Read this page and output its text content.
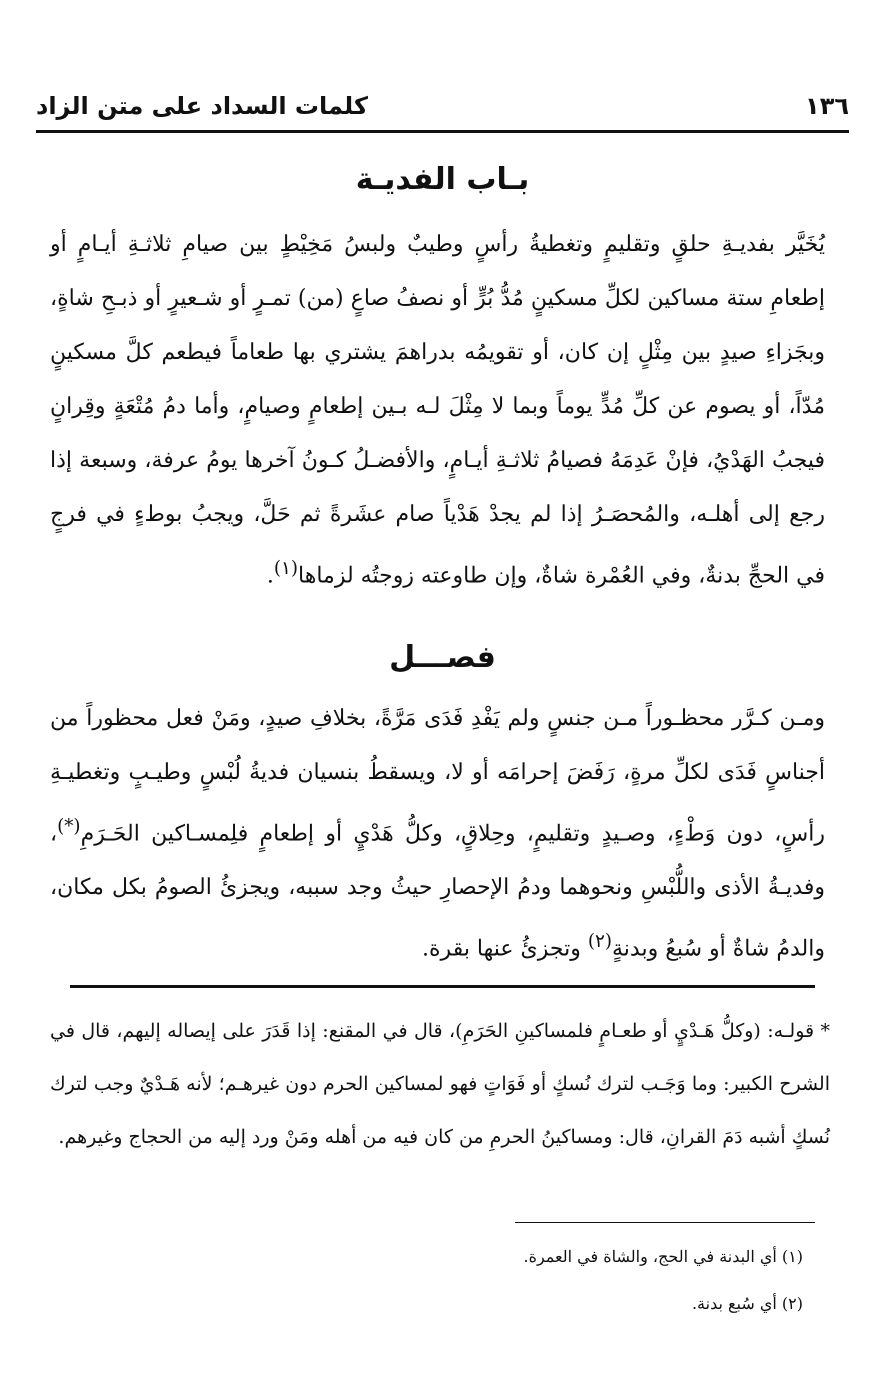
١٣٦
كلمات السداد على متن الزاد
بـاب الفديـة
يُخَيَّر بفديـةِ حلقٍ وتقليمٍ وتغطيةُ رأسٍ وطيبٌ ولبسُ مَخِيْطٍ بين صيامِ ثلاثـةِ أيـامٍ أو إطعامِ ستة مساكين لكلِّ مسكينٍ مُدُّ بُرٍّ أو نصفُ صاعٍ (من) تمـرٍ أو شـعيرٍ أو ذبـحِ شاةٍ، وبجَزاءِ صيدٍ بين مِثْلٍ إن كان، أو تقويمُه بدراهمَ يشتري بها طعاماً فيطعم كلَّ مسكينٍ مُدّاً، أو يصوم عن كلِّ مُدٍّ يوماً وبما لا مِثْلَ لـه بـين إطعامٍ وصيامٍ، وأما دمُ مُتْعَةٍ وقِرانٍ فيجبُ الهَدْيُ، فإنْ عَدِمَهُ فصيامُ ثلاثـةِ أيـامٍ، والأفضـلُ كـونُ آخرها يومُ عرفة، وسبعة إذا رجع إلى أهلـه، والمُحصَـرُ إذا لم يجدْ هَدْياً صام عشَرةً ثم حَلَّ، ويجبُ بوطءٍ في فرجٍ في الحجِّ بدنةٌ، وفي العُمْرة شاةٌ، وإن طاوعته زوجتُه لزماها$^{(١)}$.
فصـــل
ومـن كـرَّر محظـوراً مـن جنسٍ ولم يَفْدِ فَدَى مَرَّةً، بخلافِ صيدٍ، ومَنْ فعل محظوراً من أجناسٍ فَدَى لكلِّ مرةٍ، رَفَضَ إحرامَه أو لا، ويسقطُ بنسيان فديةُ لُبْسٍ وطيـبٍ وتغطيـةِ رأسٍ، دون وَطْءٍ، وصـيدٍ وتقليمٍ، وحِلاقٍ، وكلُّ هَدْيٍ أو إطعامٍ فلِمسـاكين الحَـرَمِ(*)، وفديـةُ الأذى واللُّبْسِ ونحوهما ودمُ الإحصارِ حيثُ وجد سببه، ويجزئُ الصومُ بكل مكان، والدمُ شاةٌ أو سُبعُ وبدنةٍ$^{(٢)}$ وتجزئُ عنها بقرة.
* قولـه: (وكلُّ هَـدْيٍ أو طعـامٍ فلمساكينِ الحَرَمِ)، قال في المقنع: إذا قَدَرَ على إيصاله إليهم، قال في الشرح الكبير: وما وَجَـب لترك نُسكٍ أو فَوَاتٍ فهو لمساكين الحرم دون غيرهـم؛ لأنه هَـدْيٌ وجب لترك نُسكٍ أشبه دَمَ القرانِ، قال: ومساكينُ الحرمِ من كان فيه من أهله ومَنْ ورد إليه من الحجاج وغيرهم.
(١) أي البدنة في الحج، والشاة في العمرة.
(٢) أي سُبع بدنة.
